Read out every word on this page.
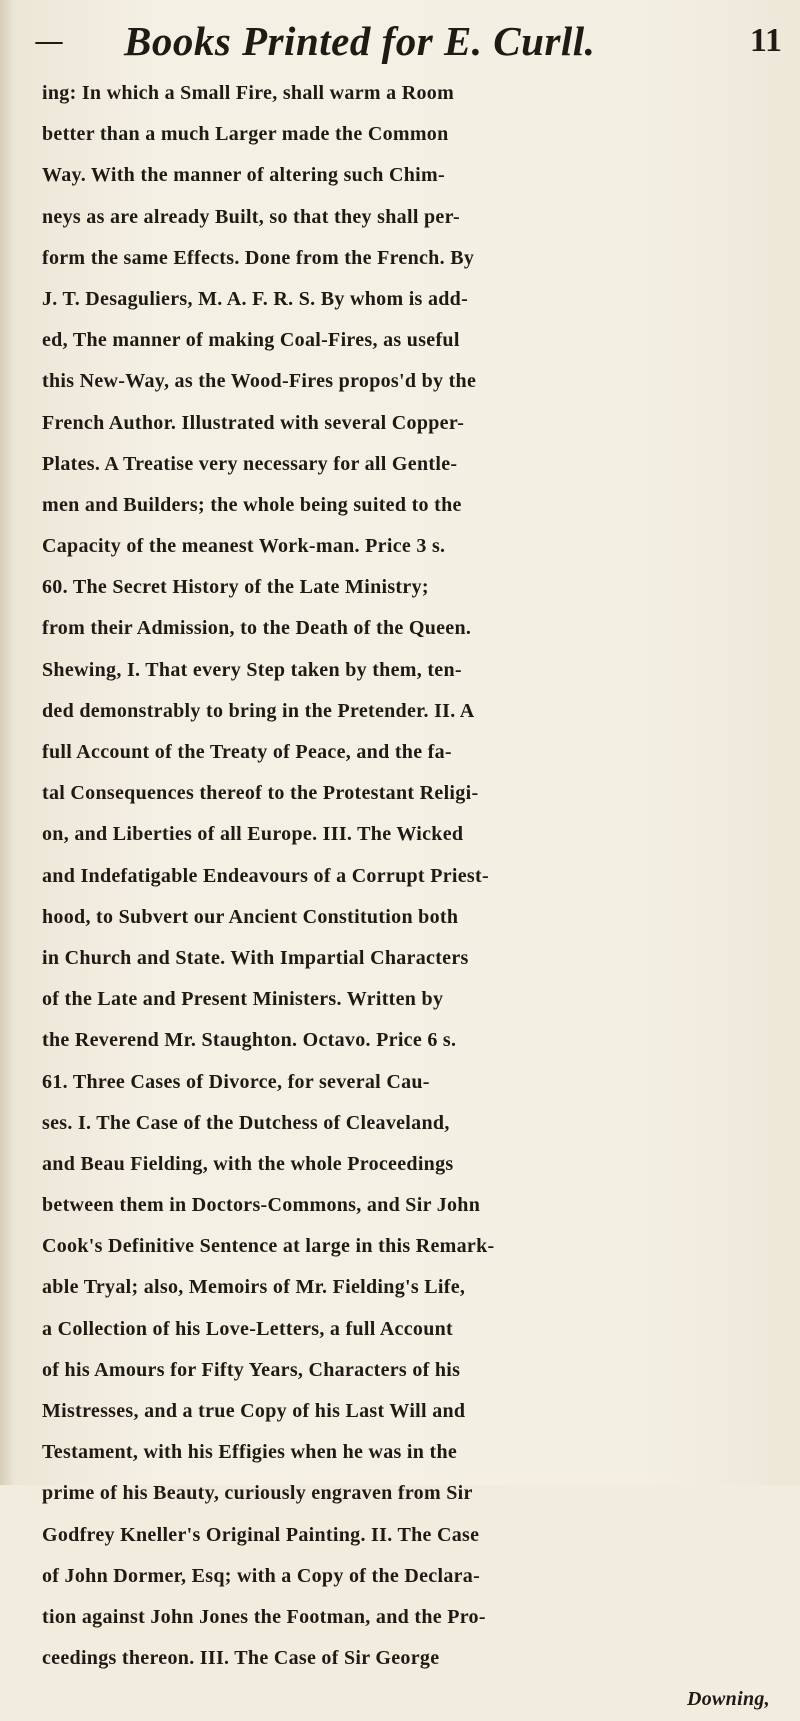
—	Books Printed for E. Curll.	11
ing: In which a Small Fire, shall warm a Room
better than a much Larger made the Common
Way. With the manner of altering such Chim-
neys as are already Built, so that they shall per-
form the same Effects. Done from the French. By
J. T. Desaguliers, M. A. F. R. S. By whom is add-
ed, The manner of making Coal-Fires, as useful
this New-Way, as the Wood-Fires propos'd by the
French Author. Illustrated with several Copper-
Plates. A Treatise very necessary for all Gentle-
men and Builders; the whole being suited to the
Capacity of the meanest Work-man. Price 3 s.
60. The Secret History of the Late Ministry;
from their Admission, to the Death of the Queen.
Shewing, I. That every Step taken by them, ten-
ded demonstrably to bring in the Pretender. II. A
full Account of the Treaty of Peace, and the fa-
tal Consequences thereof to the Protestant Religi-
on, and Liberties of all Europe. III. The Wicked
and Indefatigable Endeavours of a Corrupt Priest-
hood, to Subvert our Ancient Constitution both
in Church and State. With Impartial Characters
of the Late and Present Ministers. Written by
the Reverend Mr. Staughton. Octavo. Price 6 s.
61. Three Cases of Divorce, for several Cau-
ses. I. The Case of the Dutchess of Cleaveland,
and Beau Fielding, with the whole Proceedings
between them in Doctors-Commons, and Sir John
Cook's Definitive Sentence at large in this Remark-
able Tryal; also, Memoirs of Mr. Fielding's Life,
a Collection of his Love-Letters, a full Account
of his Amours for Fifty Years, Characters of his
Mistresses, and a true Copy of his Last Will and
Testament, with his Effigies when he was in the
prime of his Beauty, curiously engraven from Sir
Godfrey Kneller's Original Painting. II. The Case
of John Dormer, Esq; with a Copy of the Declara-
tion against John Jones the Footman, and the Pro-
ceedings thereon. III. The Case of Sir George
Downing,
